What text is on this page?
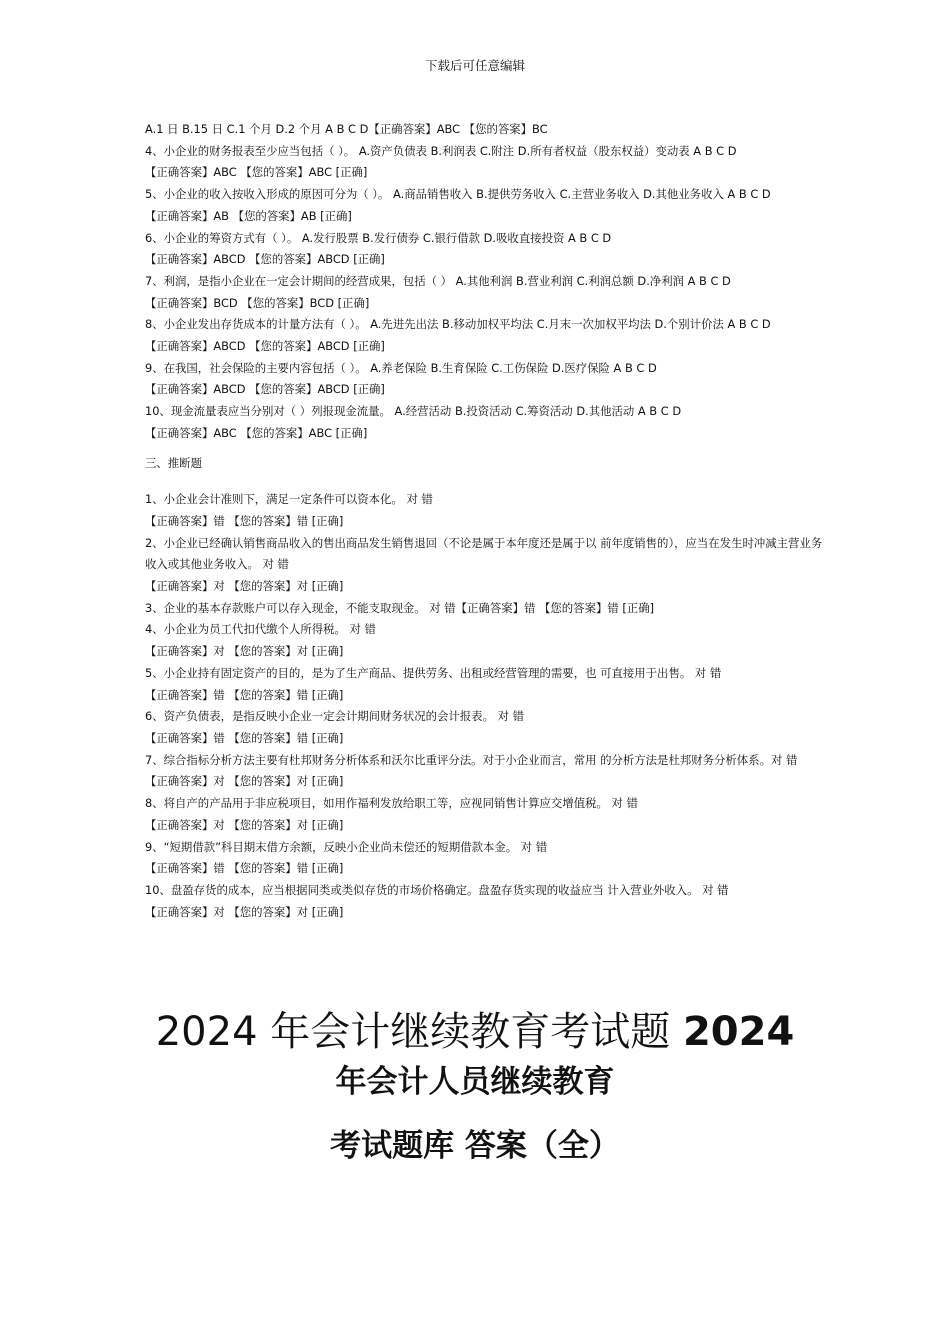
下载后可任意编辑
A.1 日 B.15 日 C.1 个月 D.2 个月 A B C D【正确答案】ABC 【您的答案】BC
4、小企业的财务报表至少应当包括（ ）。 A.资产负债表 B.利润表 C.附注 D.所有者权益（股东权益）变动表 A B C D
【正确答案】ABC 【您的答案】ABC [正确]
5、小企业的收入按收入形成的原因可分为（ ）。 A.商品销售收入 B.提供劳务收入 C.主营业务收入 D.其他业务收入 A B C D
【正确答案】AB 【您的答案】AB [正确]
6、小企业的筹资方式有（ ）。 A.发行股票 B.发行债券 C.银行借款 D.吸收直接投资 A B C D
【正确答案】ABCD 【您的答案】ABCD [正确]
7、利润，是指小企业在一定会计期间的经营成果，包括（ ） A.其他利润 B.营业利润 C.利润总额 D.净利润 A B C D
【正确答案】BCD 【您的答案】BCD [正确]
8、小企业发出存货成本的计量方法有（ ）。 A.先进先出法 B.移动加权平均法 C.月末一次加权平均法 D.个别计价法 A B C D
【正确答案】ABCD 【您的答案】ABCD [正确]
9、在我国，社会保险的主要内容包括（ ）。 A.养老保险 B.生育保险 C.工伤保险 D.医疗保险 A B C D
【正确答案】ABCD 【您的答案】ABCD [正确]
10、现金流量表应当分别对（ ）列报现金流量。 A.经营活动 B.投资活动 C.筹资活动 D.其他活动 A B C D
【正确答案】ABC 【您的答案】ABC [正确]
三、推断题
1、小企业会计准则下，满足一定条件可以资本化。 对 错
【正确答案】错 【您的答案】错 [正确]
2、小企业已经确认销售商品收入的售出商品发生销售退回（不论是属于本年度还是属于以 前年度销售的），应当在发生时冲减主营业务收入或其他业务收入。 对 错
【正确答案】对 【您的答案】对 [正确]
3、企业的基本存款账户可以存入现金，不能支取现金。 对 错【正确答案】错 【您的答案】错 [正确]
4、小企业为员工代扣代缴个人所得税。 对 错
【正确答案】对 【您的答案】对 [正确]
5、小企业持有固定资产的目的，是为了生产商品、提供劳务、出租或经营管理的需要，也 可直接用于出售。 对 错
【正确答案】错 【您的答案】错 [正确]
6、资产负债表，是指反映小企业一定会计期间财务状况的会计报表。 对 错
【正确答案】错 【您的答案】错 [正确]
7、综合指标分析方法主要有杜邦财务分析体系和沃尔比重评分法。对于小企业而言，常用 的分析方法是杜邦财务分析体系。对 错
【正确答案】对 【您的答案】对 [正确]
8、将自产的产品用于非应税项目，如用作福利发放给职工等，应视同销售计算应交增值税。 对 错
【正确答案】对 【您的答案】对 [正确]
9、“短期借款”科目期末借方余额，反映小企业尚未偿还的短期借款本金。 对 错
【正确答案】错 【您的答案】错 [正确]
10、盘盈存货的成本，应当根据同类或类似存货的市场价格确定。盘盈存货实现的收益应当 计入营业外收入。 对 错
【正确答案】对 【您的答案】对 [正确]
2024 年会计继续教育考试题 2024
年会计人员继续教育
考试题库 答案（全）
